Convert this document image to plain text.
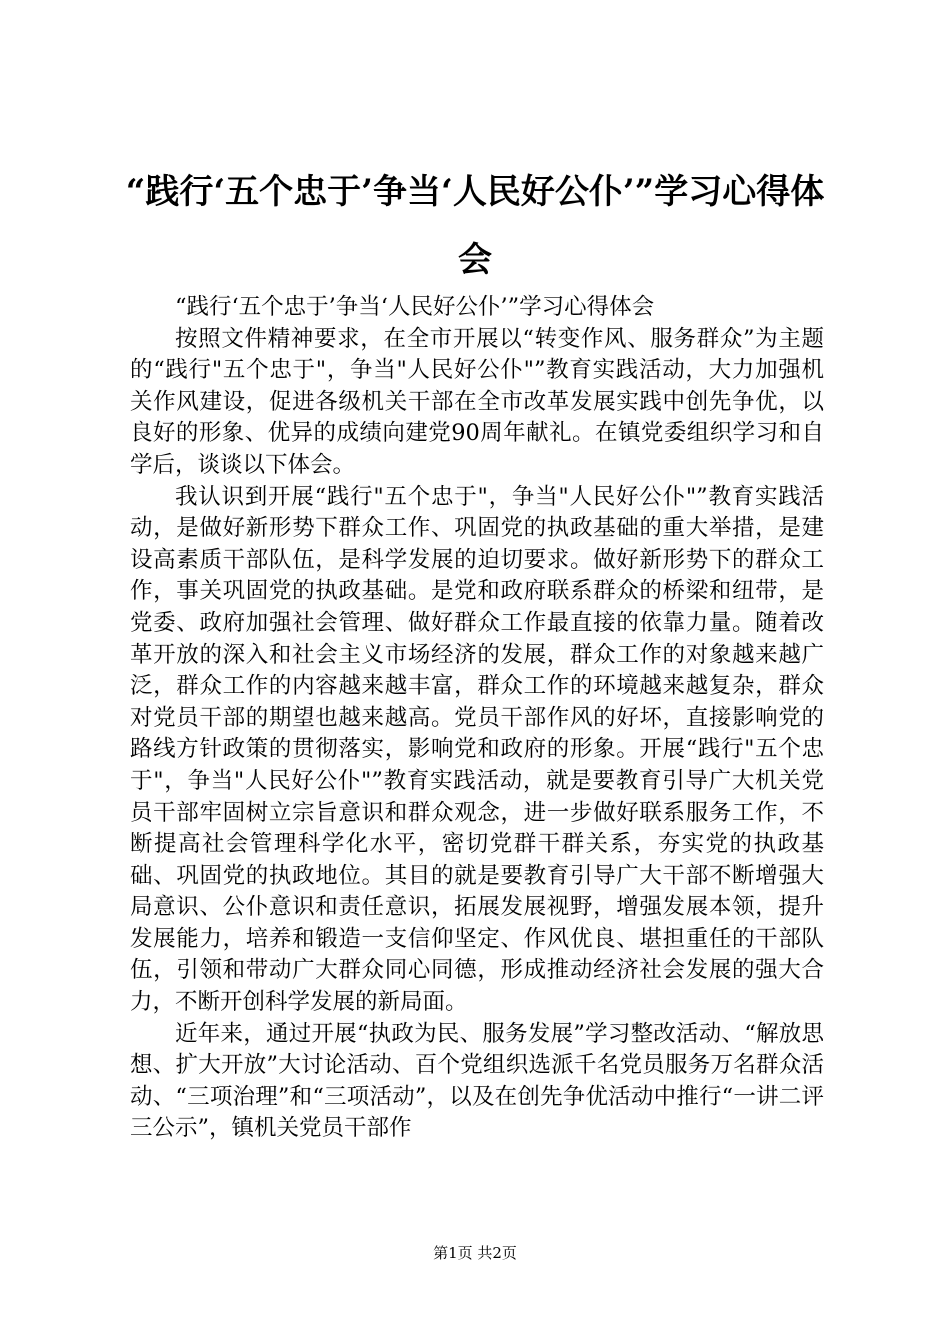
“践行‘五个忠于’争当‘人民好公仆’”学习心得体会

“践行‘五个忠于’争当‘人民好公仆’”学习心得体会

按照文件精神要求，在全市开展以“转变作风、服务群众”为主题的“践行"五个忠于"，争当"人民好公仆"”教育实践活动，大力加强机关作风建设，促进各级机关干部在全市改革发展实践中创先争优，以良好的形象、优异的成绩向建党90周年献礼。在镇党委组织学习和自学后，谈谈以下体会。

我认识到开展“践行"五个忠于"，争当"人民好公仆"”教育实践活动，是做好新形势下群众工作、巩固党的执政基础的重大举措，是建设高素质干部队伍，是科学发展的迫切要求。做好新形势下的群众工作，事关巩固党的执政基础。是党和政府联系群众的桥梁和纽带，是党委、政府加强社会管理、做好群众工作最直接的依靠力量。随着改革开放的深入和社会主义市场经济的发展，群众工作的对象越来越广泛，群众工作的内容越来越丰富，群众工作的环境越来越复杂，群众对党员干部的期望也越来越高。党员干部作风的好坏，直接影响党的路线方针政策的贯彻落实，影响党和政府的形象。开展“践行"五个忠于"，争当"人民好公仆"”教育实践活动，就是要教育引导广大机关党员干部牢固树立宗旨意识和群众观念，进一步做好联系服务工作，不断提高社会管理科学化水平，密切党群干群关系，夯实党的执政基础、巩固党的执政地位。其目的就是要教育引导广大干部不断增强大局意识、公仆意识和责任意识，拓展发展视野，增强发展本领，提升发展能力，培养和锻造一支信仰坚定、作风优良、堪担重任的干部队伍，引领和带动广大群众同心同德，形成推动经济社会发展的强大合力，不断开创科学发展的新局面。

近年来，通过开展“执政为民、服务发展”学习整改活动、“解放思想、扩大开放”大讨论活动、百个党组织选派千名党员服务万名群众活动、“三项治理”和“三项活动”，以及在创先争优活动中推行“一讲二评三公示”，镇机关党员干部作

第1页 共2页
